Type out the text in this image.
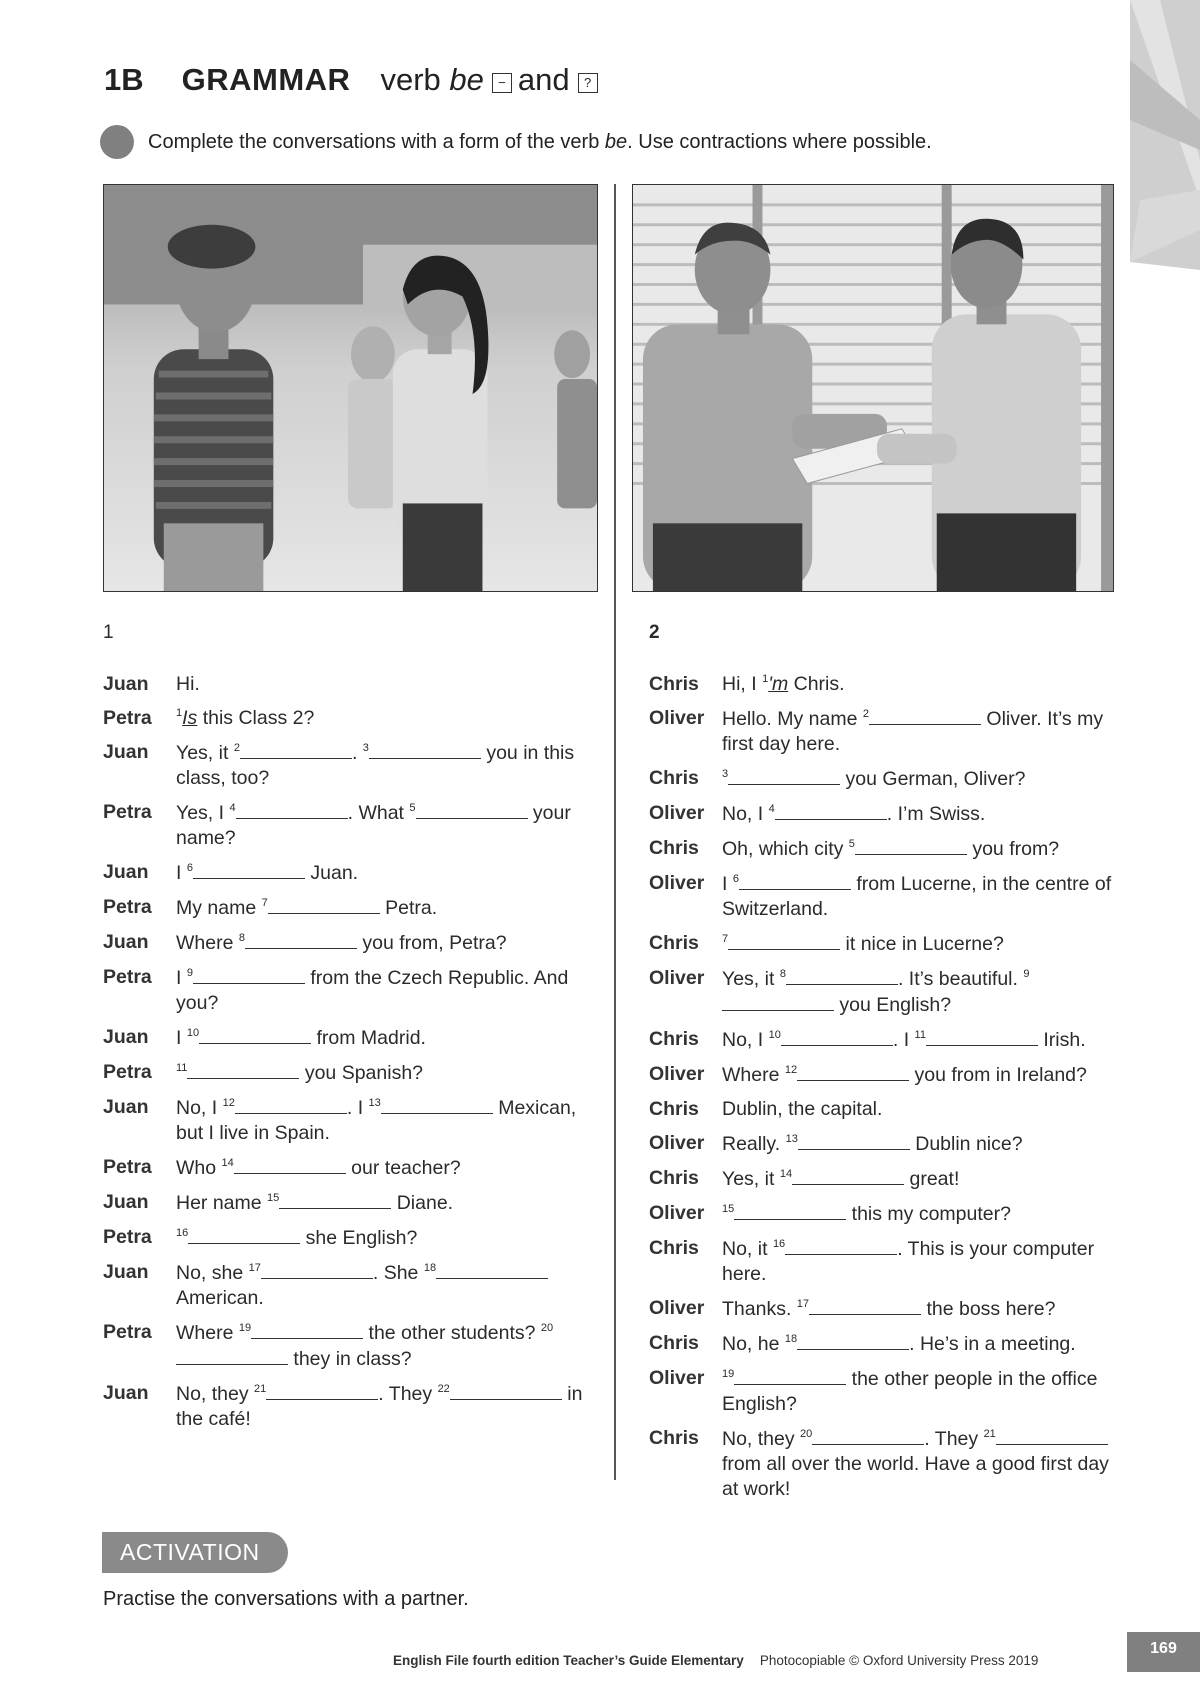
1B GRAMMAR verb be − and ?
Complete the conversations with a form of the verb be. Use contractions where possible.
1
Juan	Hi.
Petra	$^1$Is this Class 2?
Juan	Yes, it $^2$	. $^3$	you in this class, too?
Petra	Yes, I $^4$	. What $^5$	your name?
Juan	I $^6$	Juan.
Petra	My name $^7$	Petra.
Juan	Where $^8$	you from, Petra?
Petra	I $^9$	from the Czech Republic. And you?
Juan	I $^{10}$	from Madrid.
Petra	$^{11}$	you Spanish?
Juan	No, I $^{12}$	. I $^{13}$	Mexican, but I live in Spain.
Petra	Who $^{14}$	our teacher?
Juan	Her name $^{15}$	Diane.
Petra	$^{16}$	she English?
Juan	No, she $^{17}$	. She $^{18}$ American.
Petra	Where $^{19}$	the other students? $^{20}$ they in class?
Juan	No, they $^{21}$	. They $^{22}$	in the café!
2
Chris	Hi, I $^1$'m Chris.
Oliver Hello. My name $^2$	Oliver. It’s my first day here.
Chris	$^3$	you German, Oliver?
Oliver No, I $^4$	. I’m Swiss.
Chris	Oh, which city $^5$	you from?
Oliver I $^6$	from Lucerne, in the centre of Switzerland.
Chris	$^7$	it nice in Lucerne?
Oliver Yes, it $^8$	. It’s beautiful. $^9$ you English?
Chris	No, I $^{10}$	. I $^{11}$	Irish.
Oliver Where $^{12}$	you from in Ireland?
Chris	Dublin, the capital.
Oliver Really. $^{13}$	Dublin nice?
Chris	Yes, it $^{14}$	great!
Oliver	$^{15}$	this my computer?
Chris	No, it $^{16}$	. This is your computer here.
Oliver Thanks. $^{17}$	the boss here?
Chris	No, he $^{18}$	. He’s in a meeting.
Oliver	$^{19}$	the other people in the office English?
Chris	No, they $^{20}$	. They $^{21}$ from all over the world. Have a good first day at work!
ACTIVATION
Practise the conversations with a partner.
English File fourth edition Teacher’s Guide Elementary Photocopiable © Oxford University Press 2019
169
